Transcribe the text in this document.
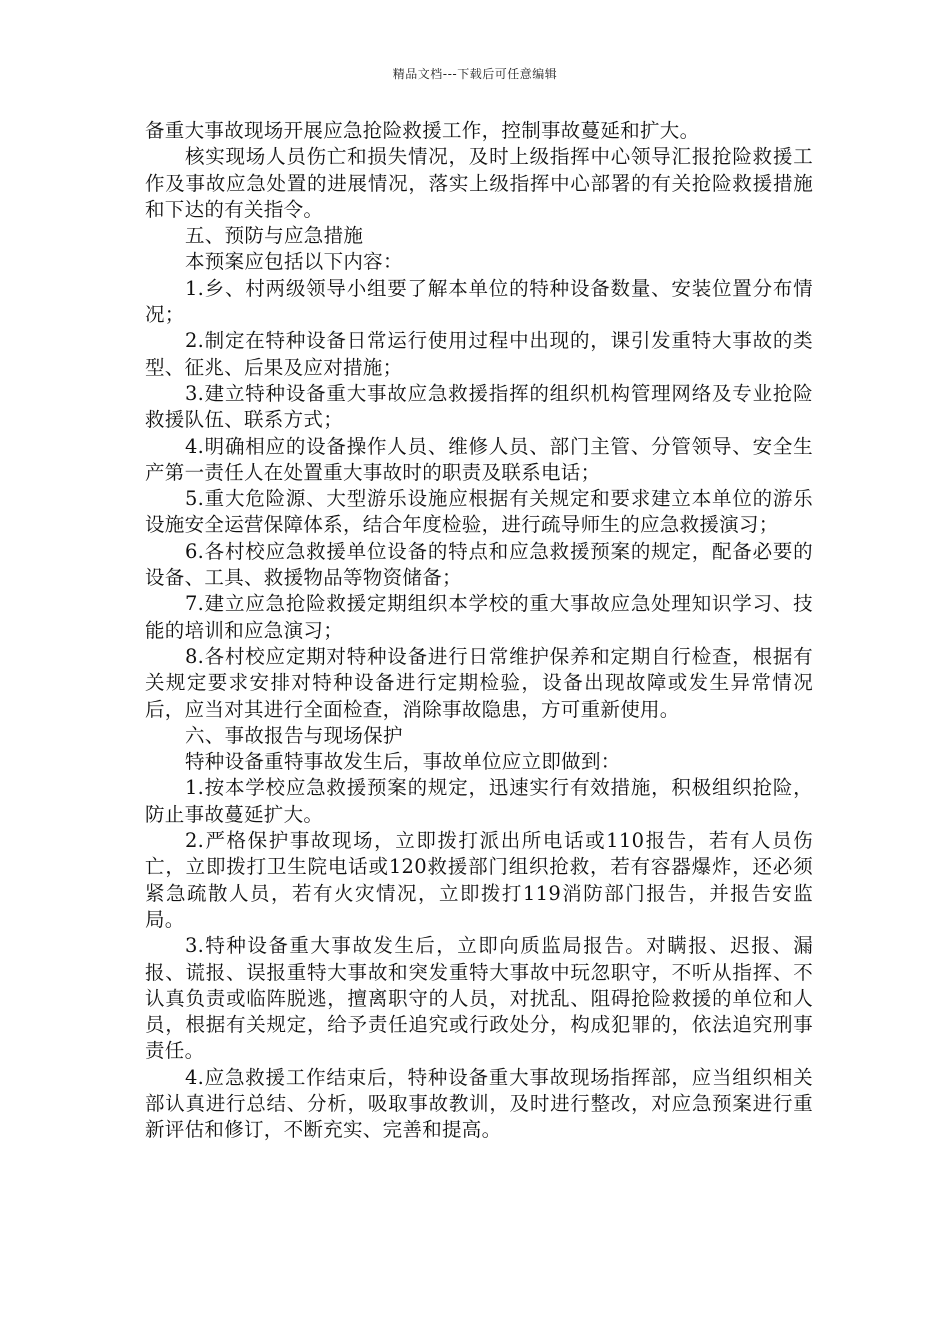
精品文档---下载后可任意编辑

备重大事故现场开展应急抢险救援工作，控制事故蔓延和扩大。

核实现场人员伤亡和损失情况，及时上级指挥中心领导汇报抢险救援工作及事故应急处置的进展情况，落实上级指挥中心部署的有关抢险救援措施和下达的有关指令。

五、预防与应急措施

本预案应包括以下内容：

1.乡、村两级领导小组要了解本单位的特种设备数量、安装位置分布情况；

2.制定在特种设备日常运行使用过程中出现的，课引发重特大事故的类型、征兆、后果及应对措施；

3.建立特种设备重大事故应急救援指挥的组织机构管理网络及专业抢险救援队伍、联系方式；

4.明确相应的设备操作人员、维修人员、部门主管、分管领导、安全生产第一责任人在处置重大事故时的职责及联系电话；

5.重大危险源、大型游乐设施应根据有关规定和要求建立本单位的游乐设施安全运营保障体系，结合年度检验，进行疏导师生的应急救援演习；

6.各村校应急救援单位设备的特点和应急救援预案的规定，配备必要的设备、工具、救援物品等物资储备；

7.建立应急抢险救援定期组织本学校的重大事故应急处理知识学习、技能的培训和应急演习；

8.各村校应定期对特种设备进行日常维护保养和定期自行检查，根据有关规定要求安排对特种设备进行定期检验，设备出现故障或发生异常情况后，应当对其进行全面检查，消除事故隐患，方可重新使用。

六、事故报告与现场保护

特种设备重特事故发生后，事故单位应立即做到：

1.按本学校应急救援预案的规定，迅速实行有效措施，积极组织抢险，防止事故蔓延扩大。

2.严格保护事故现场，立即拨打派出所电话或110报告，若有人员伤亡，立即拨打卫生院电话或120救援部门组织抢救，若有容器爆炸，还必须紧急疏散人员，若有火灾情况，立即拨打119消防部门报告，并报告安监局。

3.特种设备重大事故发生后，立即向质监局报告。对瞒报、迟报、漏报、谎报、误报重特大事故和突发重特大事故中玩忽职守，不听从指挥、不认真负责或临阵脱逃，擅离职守的人员，对扰乱、阻碍抢险救援的单位和人员，根据有关规定，给予责任追究或行政处分，构成犯罪的，依法追究刑事责任。

4.应急救援工作结束后，特种设备重大事故现场指挥部，应当组织相关部认真进行总结、分析，吸取事故教训，及时进行整改，对应急预案进行重新评估和修订，不断充实、完善和提高。
